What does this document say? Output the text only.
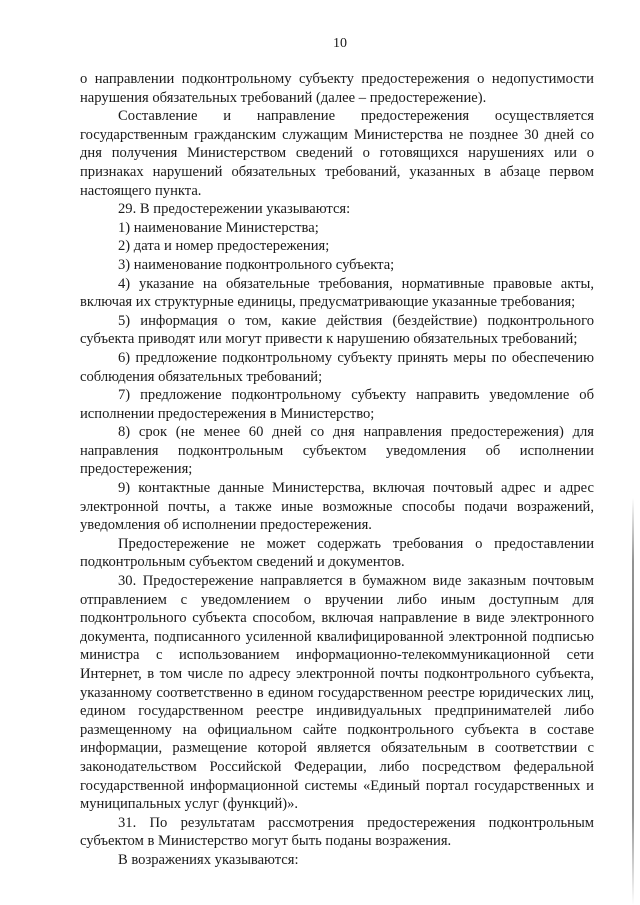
10

о направлении подконтрольному субъекту предостережения о недопустимости нарушения обязательных требований (далее – предостережение).

Составление и направление предостережения осуществляется государственным гражданским служащим Министерства не позднее 30 дней со дня получения Министерством сведений о готовящихся нарушениях или о признаках нарушений обязательных требований, указанных в абзаце первом настоящего пункта.

29. В предостережении указываются:

1) наименование Министерства;

2) дата и номер предостережения;

3) наименование подконтрольного субъекта;

4) указание на обязательные требования, нормативные правовые акты, включая их структурные единицы, предусматривающие указанные требования;

5) информация о том, какие действия (бездействие) подконтрольного субъекта приводят или могут привести к нарушению обязательных требований;

6) предложение подконтрольному субъекту принять меры по обеспечению соблюдения обязательных требований;

7) предложение подконтрольному субъекту направить уведомление об исполнении предостережения в Министерство;

8) срок (не менее 60 дней со дня направления предостережения) для направления подконтрольным субъектом уведомления об исполнении предостережения;

9) контактные данные Министерства, включая почтовый адрес и адрес электронной почты, а также иные возможные способы подачи возражений, уведомления об исполнении предостережения.

Предостережение не может содержать требования о предоставлении подконтрольным субъектом сведений и документов.

30. Предостережение направляется в бумажном виде заказным почтовым отправлением с уведомлением о вручении либо иным доступным для подконтрольного субъекта способом, включая направление в виде электронного документа, подписанного усиленной квалифицированной электронной подписью министра с использованием информационно-телекоммуникационной сети Интернет, в том числе по адресу электронной почты подконтрольного субъекта, указанному соответственно в едином государственном реестре юридических лиц, едином государственном реестре индивидуальных предпринимателей либо размещенному на официальном сайте подконтрольного субъекта в составе информации, размещение которой является обязательным в соответствии с законодательством Российской Федерации, либо посредством федеральной государственной информационной системы «Единый портал государственных и муниципальных услуг (функций)».

31. По результатам рассмотрения предостережения подконтрольным субъектом в Министерство могут быть поданы возражения.

В возражениях указываются:
